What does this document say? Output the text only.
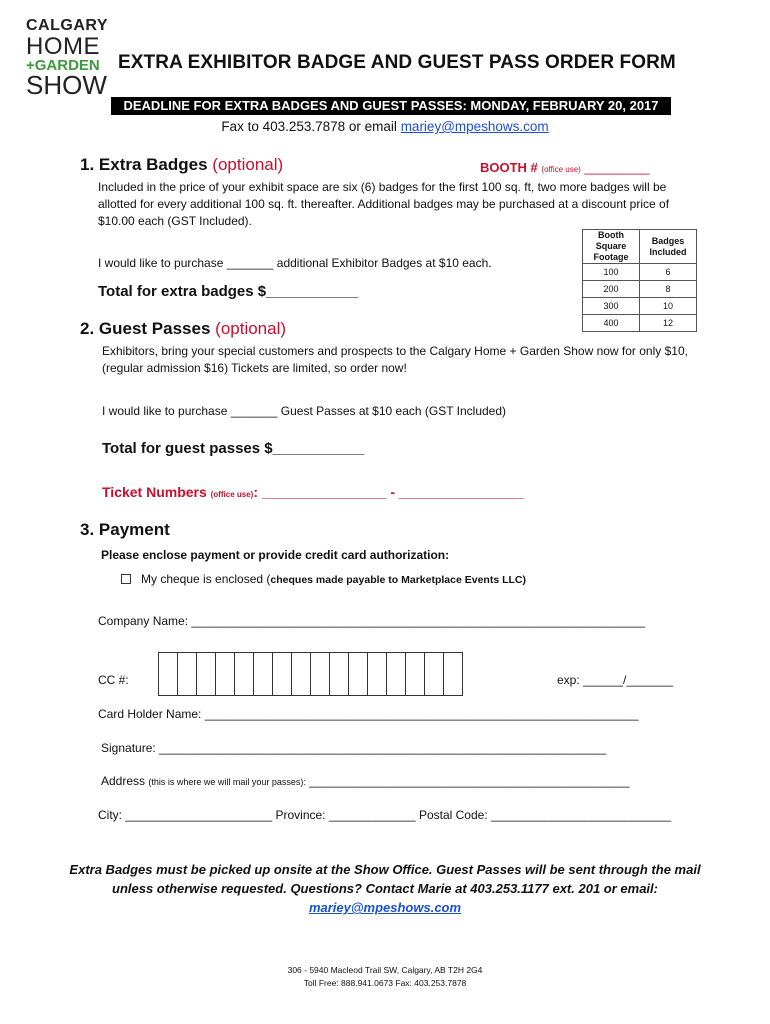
CALGARY
HOME
+GARDEN
SHOW
EXTRA EXHIBITOR BADGE AND GUEST PASS ORDER FORM
DEADLINE FOR EXTRA BADGES AND GUEST PASSES: MONDAY, FEBRUARY 20, 2017
Fax to 403.253.7878 or email mariey@mpeshows.com
1. Extra Badges (optional)	BOOTH # (office use) _________
Included in the price of your exhibit space are six (6) badges for the first 100 sq. ft, two more badges will be allotted for every additional 100 sq. ft. thereafter. Additional badges may be purchased at a discount price of $10.00 each (GST Included).
I would like to purchase _______ additional Exhibitor Badges at $10 each.
Total for extra badges $___________
Booth Square Footage	Badges Included
100	6
200	8
300	10
400	12
2. Guest Passes (optional)
Exhibitors, bring your special customers and prospects to the Calgary Home + Garden Show now for only $10, (regular admission $16) Tickets are limited, so order now!
I would like to purchase _______ Guest Passes at $10 each (GST Included)
Total for guest passes $___________
Ticket Numbers (office use): ________________ - ________________
3. Payment
Please enclose payment or provide credit card authorization:
My cheque is enclosed (cheques made payable to Marketplace Events LLC)
Company Name: ____________________________________________________________________
CC #:	exp: ______/_______
Card Holder Name: _________________________________________________________________
Signature: ___________________________________________________________________
Address (this is where we will mail your passes): ________________________________________________
City: ______________________ Province: _____________ Postal Code: ___________________________
Extra Badges must be picked up onsite at the Show Office. Guest Passes will be sent through the mail
unless otherwise requested. Questions? Contact Marie at 403.253.1177 ext. 201 or email:
mariey@mpeshows.com
306 - 5940 Macleod Trail SW, Calgary, AB T2H 2G4
Toll Free: 888.941.0673 Fax: 403.253.7878
